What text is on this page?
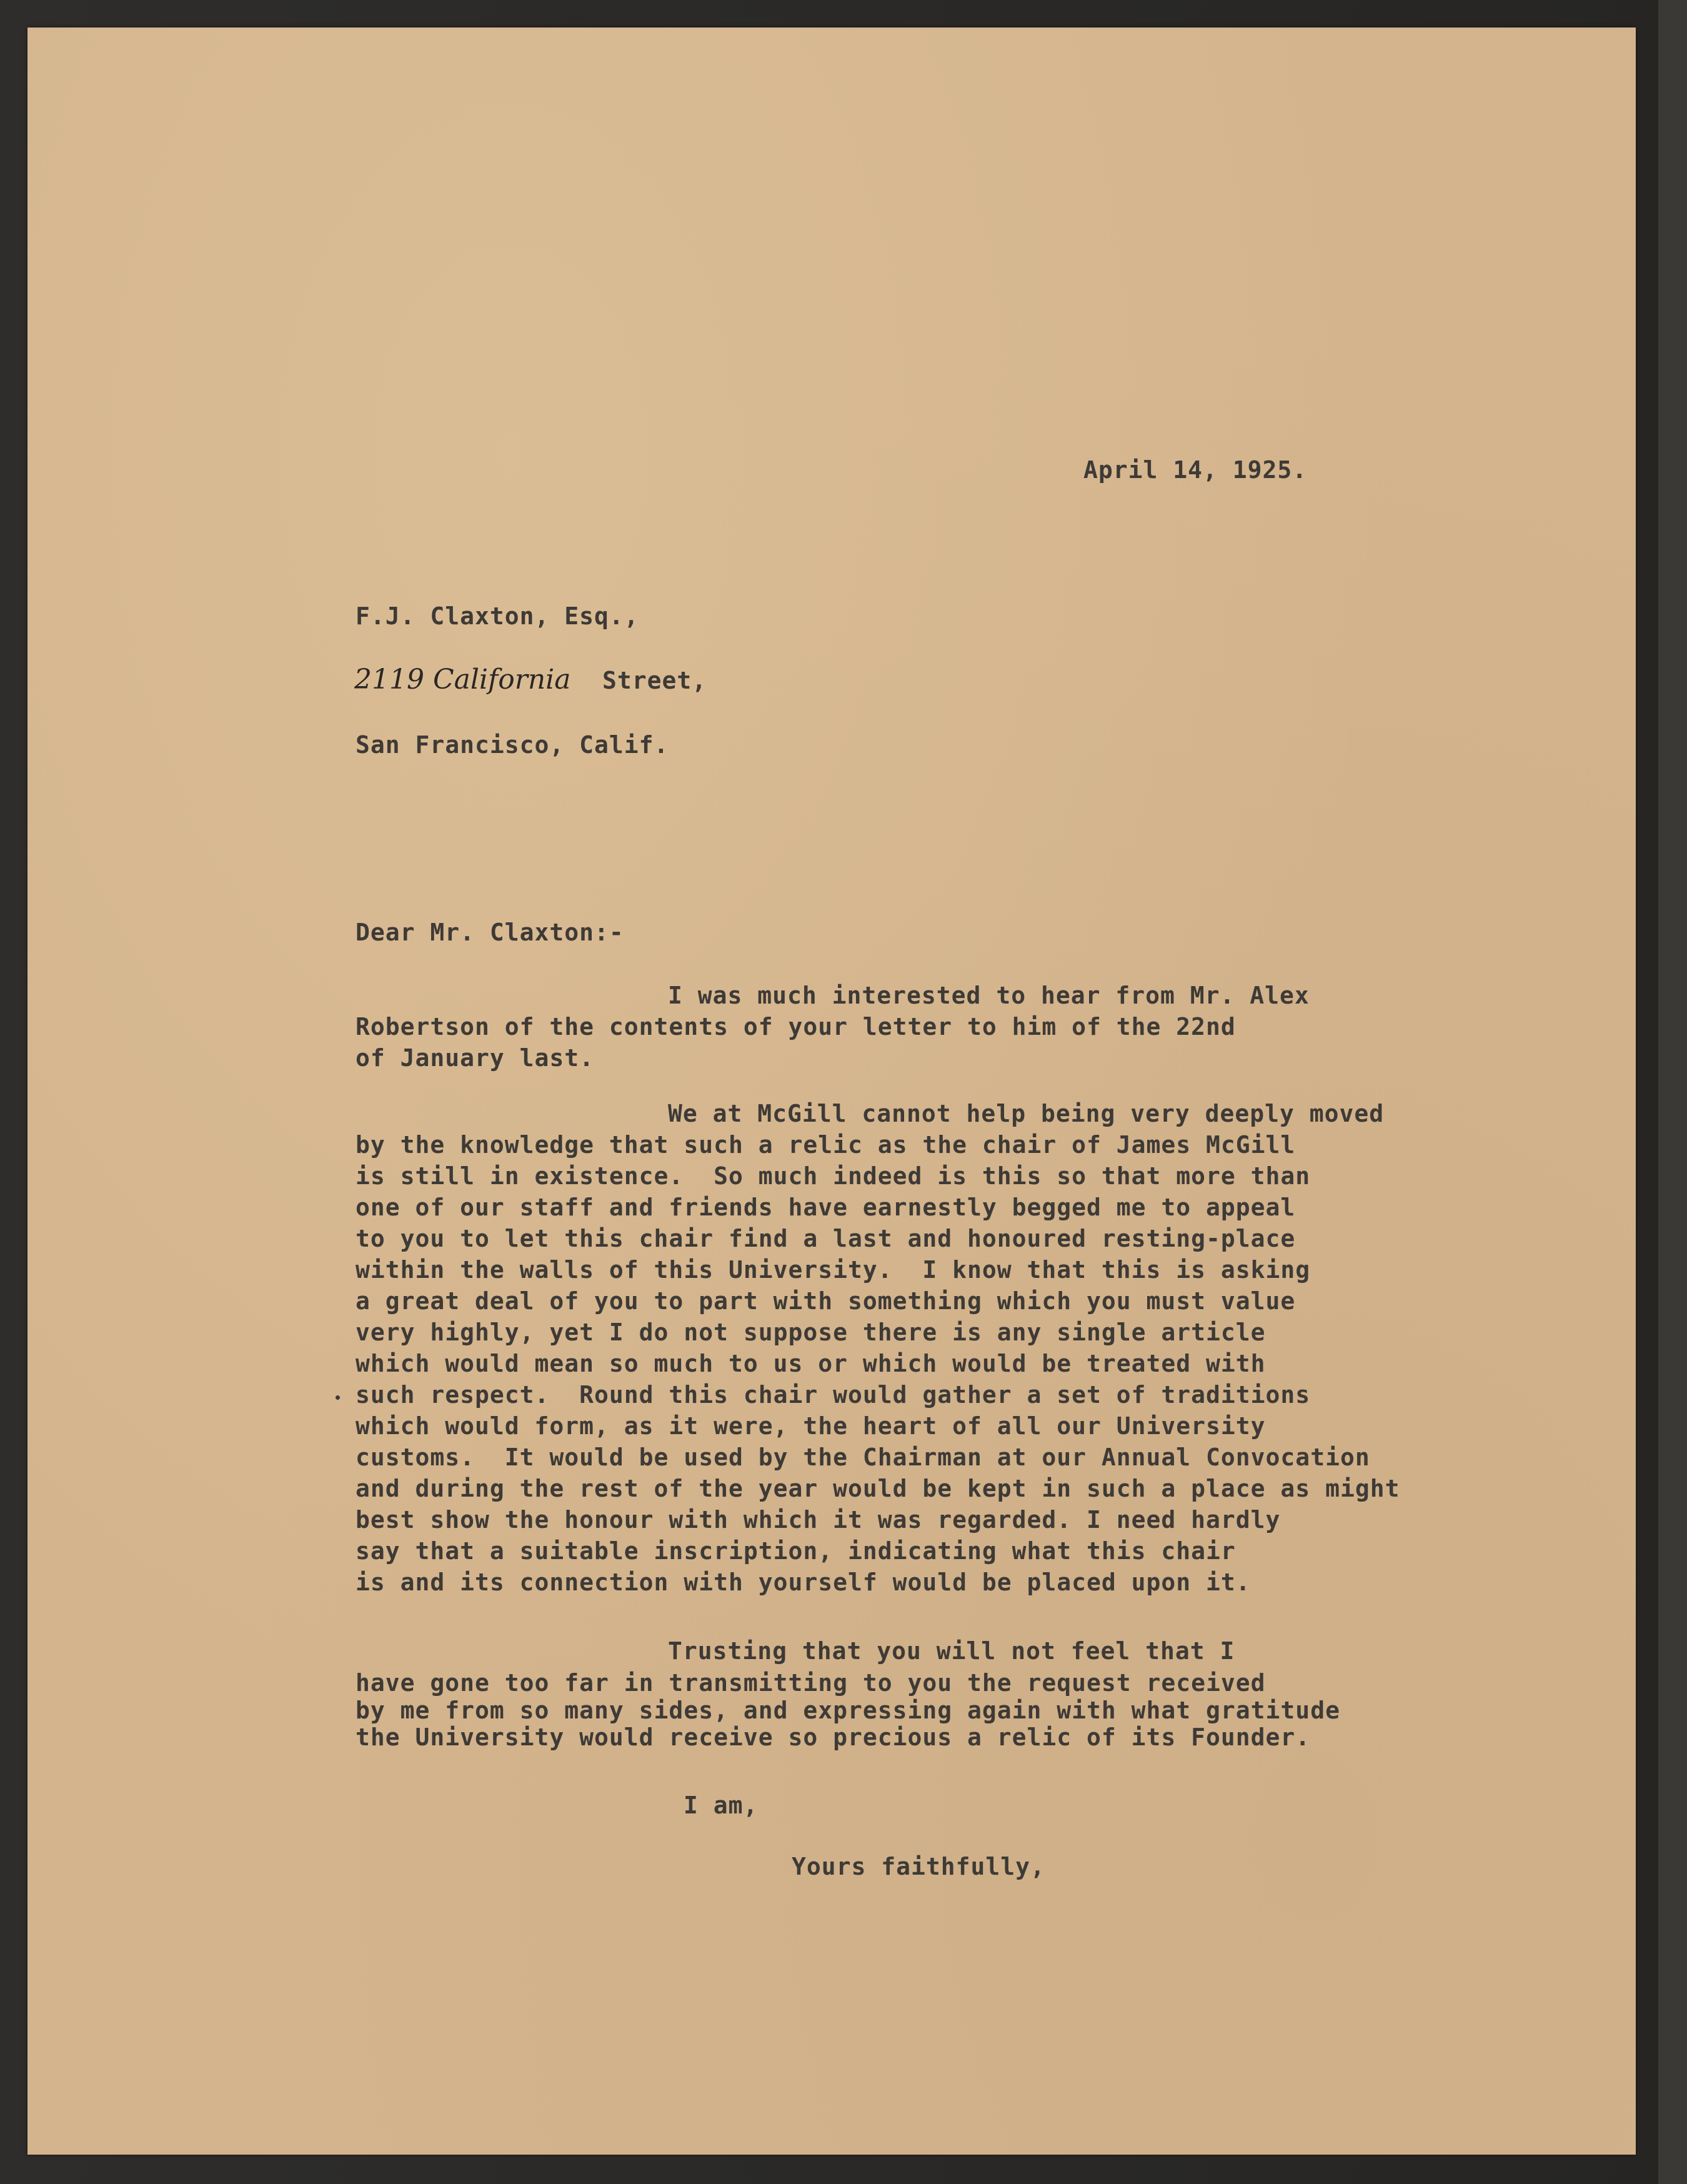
April 14, 1925.
F.J. Claxton, Esq.,
2119 California Street,
San Francisco, Calif.
Dear Mr. Claxton:-
I was much interested to hear from Mr. Alex
Robertson of the contents of your letter to him of the 22nd
of January last.
We at McGill cannot help being very deeply moved
by the knowledge that such a relic as the chair of James McGill
is still in existence.  So much indeed is this so that more than
one of our staff and friends have earnestly begged me to appeal
to you to let this chair find a last and honoured resting-place
within the walls of this University.  I know that this is asking
a great deal of you to part with something which you must value
very highly, yet I do not suppose there is any single article
which would mean so much to us or which would be treated with
such respect.  Round this chair would gather a set of traditions
which would form, as it were, the heart of all our University
customs.  It would be used by the Chairman at our Annual Convocation
and during the rest of the year would be kept in such a place as might
best show the honour with which it was regarded. I need hardly
say that a suitable inscription, indicating what this chair
is and its connection with yourself would be placed upon it.
Trusting that you will not feel that I
have gone too far in transmitting to you the request received
by me from so many sides, and expressing again with what gratitude
the University would receive so precious a relic of its Founder.
I am,
Yours faithfully,
